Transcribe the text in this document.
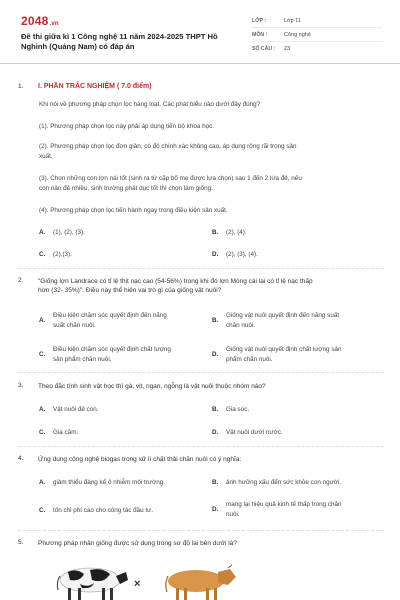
2048.vn
Đề thi giữa kì 1 Công nghệ 11 năm 2024-2025 THPT Hồ Nghinh (Quảng Nam) có đáp án
LỚP :	Lớp 11
MÔN :	Công nghệ
SỐ CÂU :	23
1. I. PHẦN TRẮC NGHIỆM ( 7.0 điểm)
Khi nói về phương pháp chọn lọc hàng loạt. Các phát biểu nào dưới đây đúng?
(1). Phương pháp chọn lọc này phải áp dụng tiến bộ khoa học.
(2). Phương pháp chọn lọc đơn giản, có độ chính xác không cao, áp dụng rộng rãi trong sản
xuất.
(3). Chọn những con lợn nái tốt (sinh ra từ cặp bố mẹ được lựa chọn) sau 1 đến 2 lứa đẻ, nếu
con nào đẻ nhiều, sinh trưởng phát dục tốt thì chọn làm giống.
(4). Phương pháp chọn lọc tiến hành ngay trong điều kiện sản xuất.
A.	(1), (2), (3).	B.	(2), (4).
C.	(2),(3).	D.	(2), (3), (4).
2. "Giống lợn Landrace có tỉ lệ thịt nạc cao (54-56%) trong khi đó lợn Móng cái lại có tỉ lệ nạc thấp
hơn (32- 35%)". Điều này thể hiện vai trò gì của giống vật nuôi?
A.
Điều kiện chăm sóc quyết định đến năng
suất chăn nuôi.
B.
Giống vật nuôi quyết định đến năng suất
chăn nuôi.
C.
Điều kiện chăm sóc quyết định chất lượng
sản phẩm chăn nuôi.
D.
Giống vật nuôi quyết định chất lượng sản
phẩm chăn nuôi.
3. Theo đặc tính sinh vật học thì gà, vịt, ngan, ngỗng là vật nuôi thuộc nhóm nào?
A.	Vật nuôi đẻ con.	B.	Gia súc.
C.	Gia cầm.	D.	Vật nuôi dưới nước.
4. Ứng dụng công nghệ biogas trong xử lí chất thải chăn nuôi có ý nghĩa:
A.	giảm thiểu đáng kể ô nhiễm môi trường.	B.	ảnh hưởng xấu đến sức khỏe con người.
C.	tốn chi phí cao cho công tác đầu tư.	D.
mang lại hiệu quả kinh tế thấp trong chăn
nuôi.
5. Phương pháp nhân giống được sử dụng trong sơ đồ lai bên dưới là?
×
